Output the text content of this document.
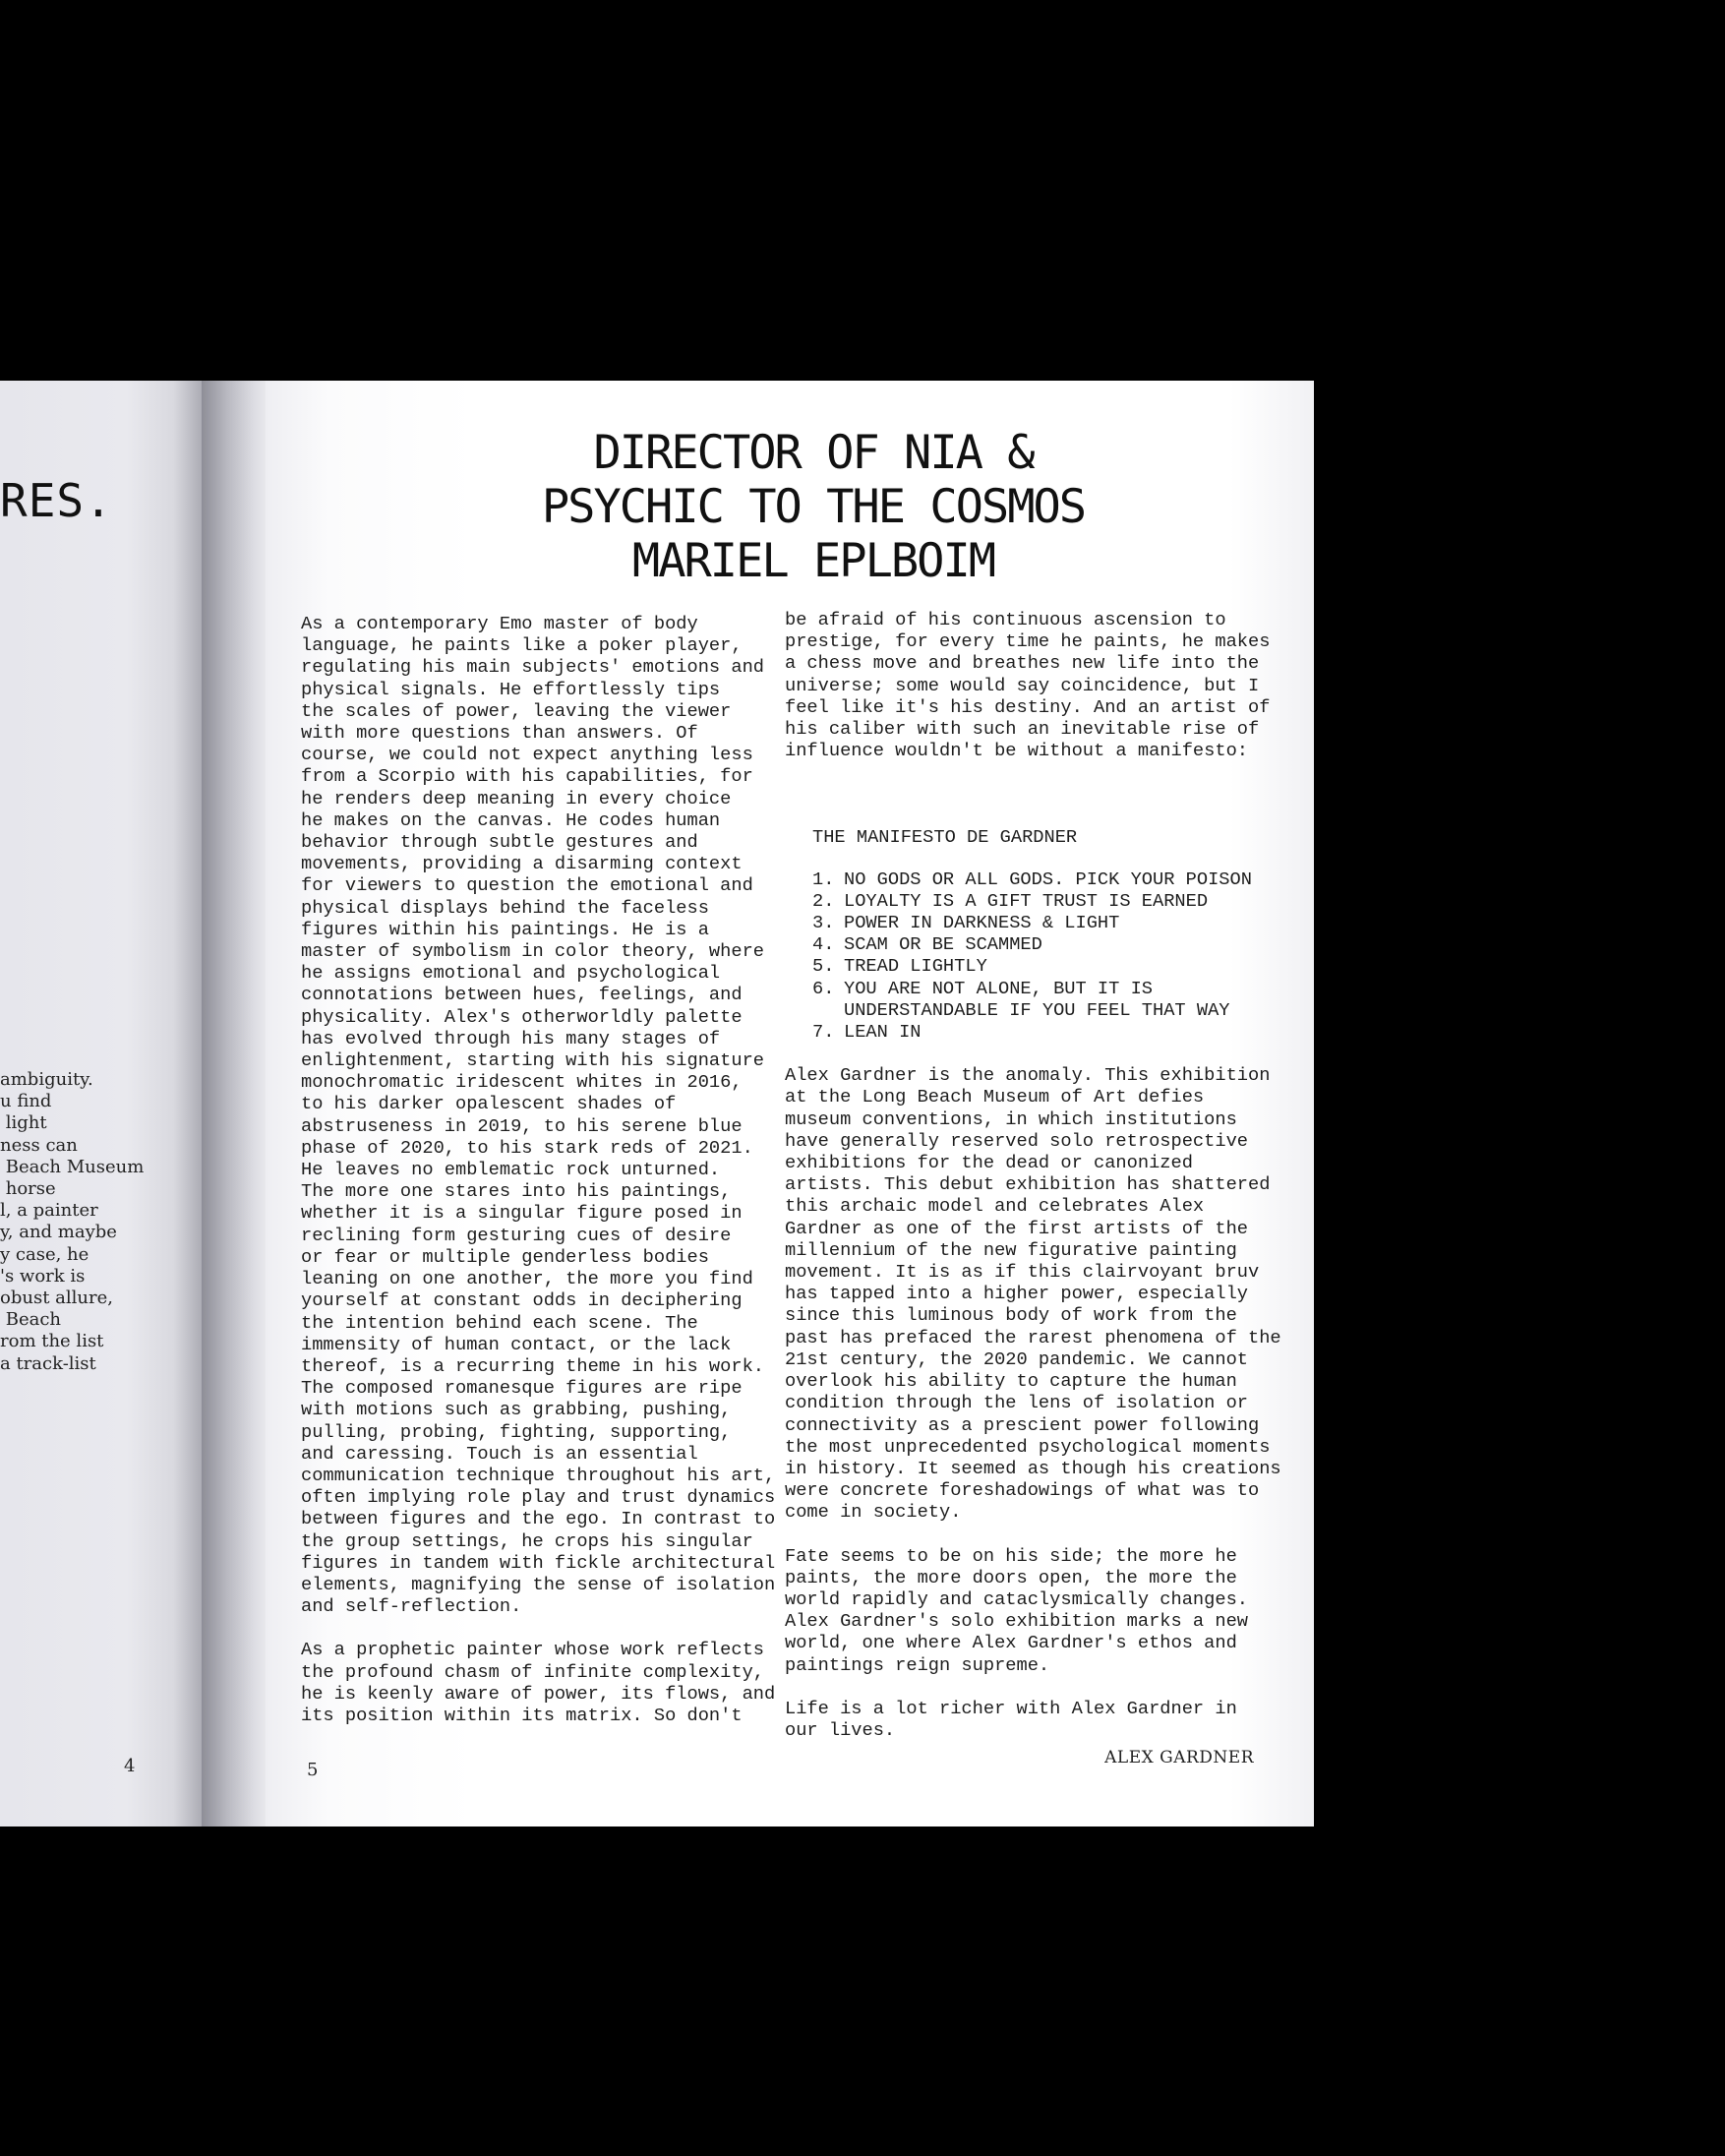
RES.
ambiguity.
u find
light
ness can
Beach Museum
horse
l, a painter
y, and maybe
y case, he
's work is
obust allure,
Beach
rom the list
a track-list
4
DIRECTOR OF NIA &
PSYCHIC TO THE COSMOS
MARIEL EPLBOIM

As a contemporary Emo master of body

language, he paints like a poker player,

regulating his main subjects' emotions and

physical signals. He effortlessly tips

the scales of power, leaving the viewer

with more questions than answers. Of

course, we could not expect anything less

from a Scorpio with his capabilities, for

he renders deep meaning in every choice

he makes on the canvas. He codes human

behavior through subtle gestures and

movements, providing a disarming context

for viewers to question the emotional and

physical displays behind the faceless

figures within his paintings. He is a

master of symbolism in color theory, where

he assigns emotional and psychological

connotations between hues, feelings, and

physicality. Alex's otherworldly palette

has evolved through his many stages of

enlightenment, starting with his signature

monochromatic iridescent whites in 2016,

to his darker opalescent shades of

abstruseness in 2019, to his serene blue

phase of 2020, to his stark reds of 2021.

He leaves no emblematic rock unturned.

The more one stares into his paintings,

whether it is a singular figure posed in

reclining form gesturing cues of desire

or fear or multiple genderless bodies

leaning on one another, the more you find

yourself at constant odds in deciphering

the intention behind each scene. The

immensity of human contact, or the lack

thereof, is a recurring theme in his work.

The composed romanesque figures are ripe

with motions such as grabbing, pushing,

pulling, probing, fighting, supporting,

and caressing. Touch is an essential

communication technique throughout his art,

often implying role play and trust dynamics

between figures and the ego. In contrast to

the group settings, he crops his singular

figures in tandem with fickle architectural

elements, magnifying the sense of isolation

and self-reflection.

As a prophetic painter whose work reflects

the profound chasm of infinite complexity,

he is keenly aware of power, its flows, and

its position within its matrix. So don't

be afraid of his continuous ascension to

prestige, for every time he paints, he makes

a chess move and breathes new life into the

universe; some would say coincidence, but I

feel like it's his destiny. And an artist of

his caliber with such an inevitable rise of

influence wouldn't be without a manifesto:

THE MANIFESTO DE GARDNER

1. NO GODS OR ALL GODS. PICK YOUR POISON
2. LOYALTY IS A GIFT TRUST IS EARNED
3. POWER IN DARKNESS & LIGHT
4. SCAM OR BE SCAMMED
5. TREAD LIGHTLY
6. YOU ARE NOT ALONE, BUT IT IS
UNDERSTANDABLE IF YOU FEEL THAT WAY
7. LEAN IN

Alex Gardner is the anomaly. This exhibition

at the Long Beach Museum of Art defies

museum conventions, in which institutions

have generally reserved solo retrospective

exhibitions for the dead or canonized

artists. This debut exhibition has shattered

this archaic model and celebrates Alex

Gardner as one of the first artists of the

millennium of the new figurative painting

movement. It is as if this clairvoyant bruv

has tapped into a higher power, especially

since this luminous body of work from the

past has prefaced the rarest phenomena of the

21st century, the 2020 pandemic. We cannot

overlook his ability to capture the human

condition through the lens of isolation or

connectivity as a prescient power following

the most unprecedented psychological moments

in history. It seemed as though his creations

were concrete foreshadowings of what was to

come in society.

Fate seems to be on his side; the more he

paints, the more doors open, the more the

world rapidly and cataclysmically changes.

Alex Gardner's solo exhibition marks a new

world, one where Alex Gardner's ethos and

paintings reign supreme.

Life is a lot richer with Alex Gardner in

our lives.

5
ALEX GARDNER
